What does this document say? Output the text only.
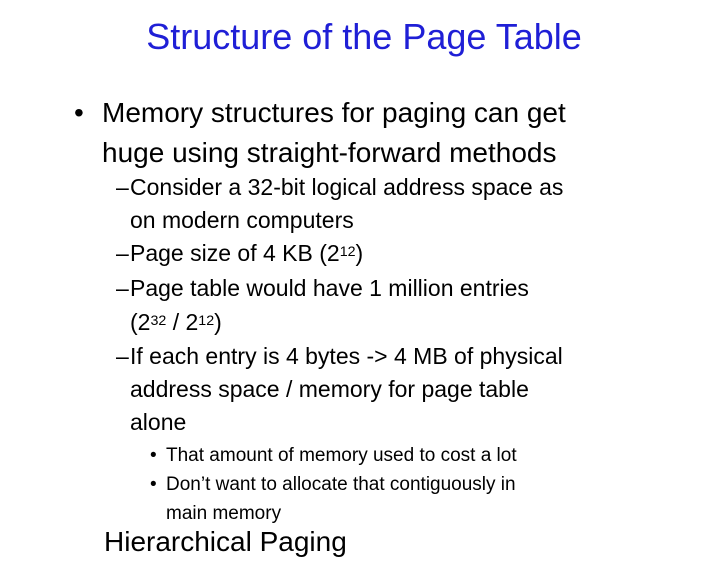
Structure of the Page Table
• Memory structures for paging can get
huge using straight-forward methods
– Consider a 32-bit logical address space as
on modern computers
– Page size of 4 KB $(2^{12})$
– Page table would have 1 million entries
$(2^{32} / 2^{12})$
– If each entry is 4 bytes -> 4 MB of physical
address space / memory for page table
alone
• That amount of memory used to cost a lot
• Don’t want to allocate that contiguously in
main memory
Hierarchical Paging
